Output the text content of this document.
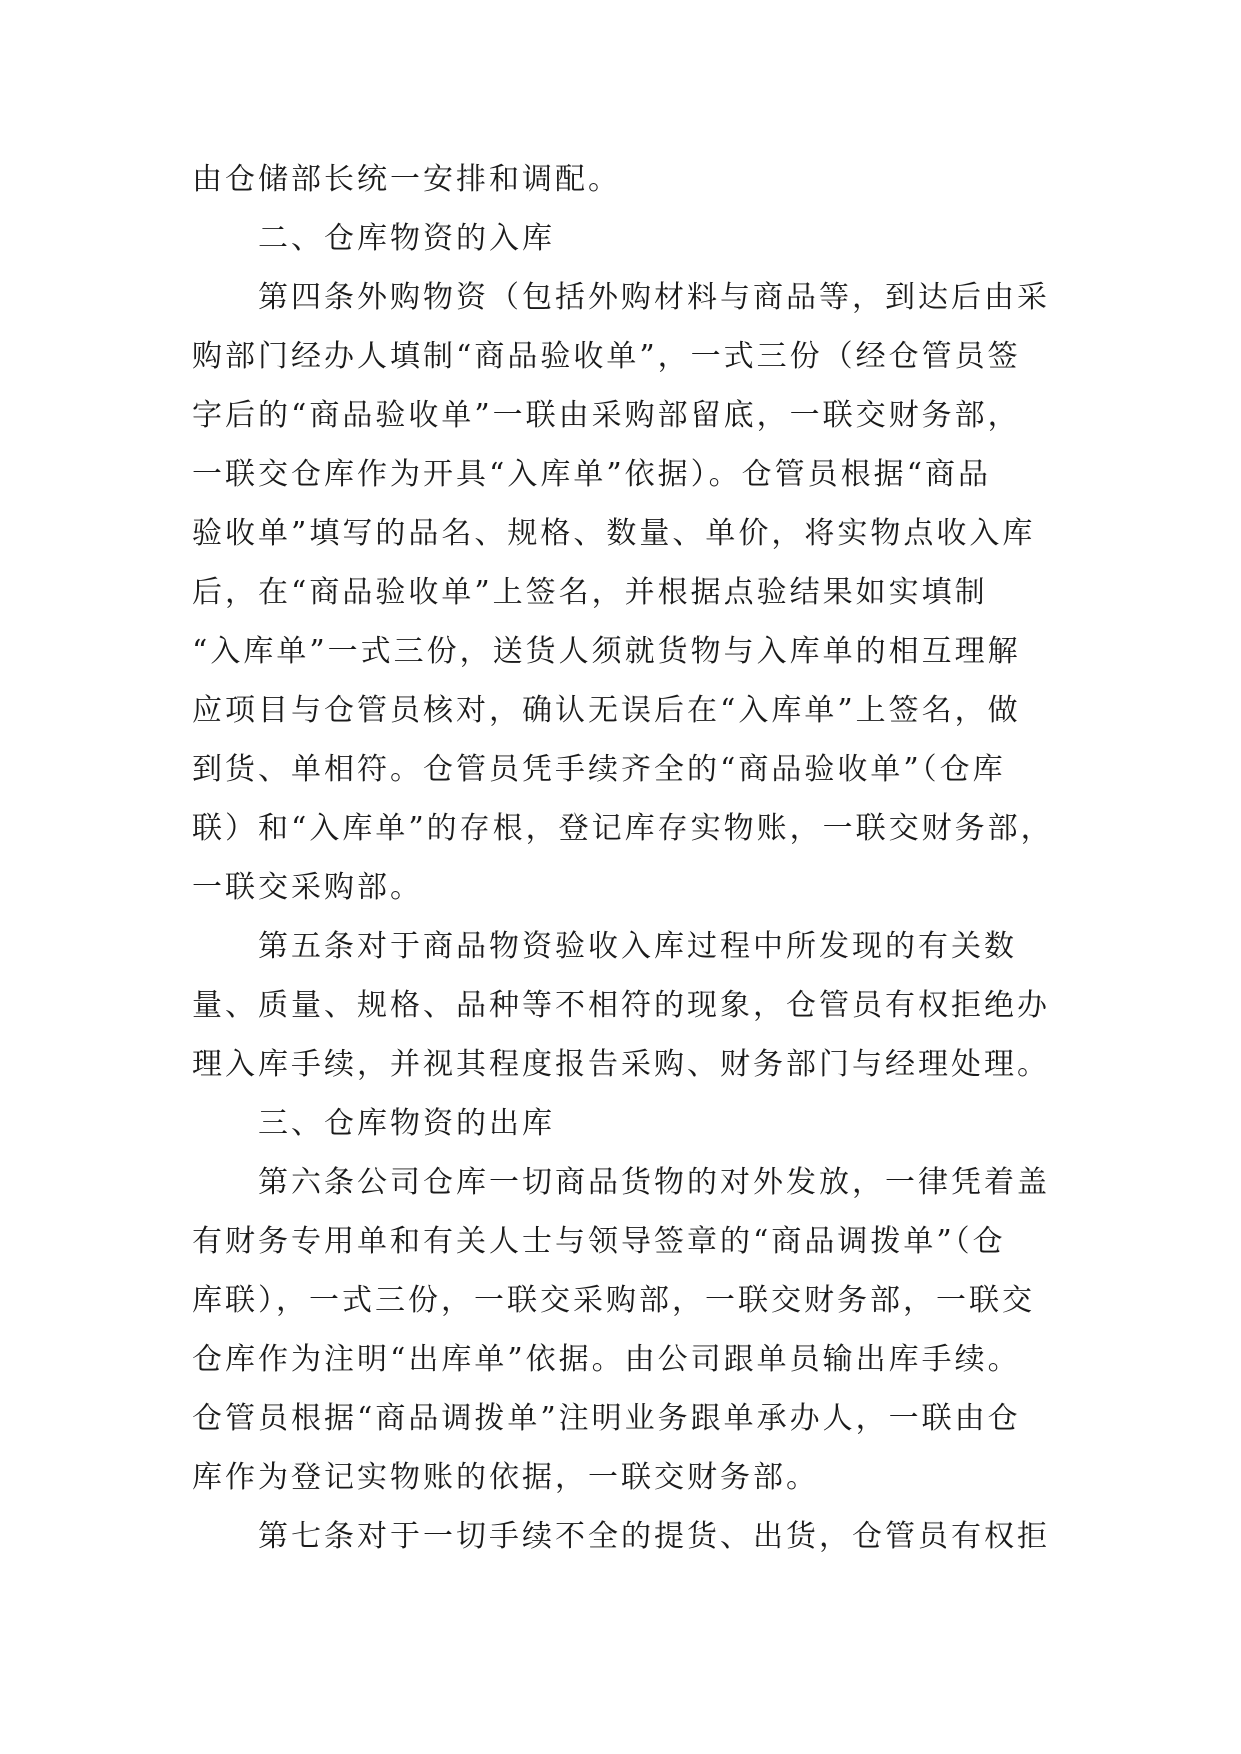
由仓储部长统一安排和调配。
二、仓库物资的入库
第四条外购物资（包括外购材料与商品等，到达后由采
购部门经办人填制“商品验收单”，一式三份（经仓管员签
字后的“商品验收单”一联由采购部留底，一联交财务部，
一联交仓库作为开具“入库单”依据）。仓管员根据“商品
验收单”填写的品名、规格、数量、单价，将实物点收入库
后，在“商品验收单”上签名，并根据点验结果如实填制
“入库单”一式三份，送货人须就货物与入库单的相互理解
应项目与仓管员核对，确认无误后在“入库单”上签名，做
到货、单相符。仓管员凭手续齐全的“商品验收单”（仓库
联）和“入库单”的存根，登记库存实物账，一联交财务部，
一联交采购部。
第五条对于商品物资验收入库过程中所发现的有关数
量、质量、规格、品种等不相符的现象，仓管员有权拒绝办
理入库手续，并视其程度报告采购、财务部门与经理处理。
三、仓库物资的出库
第六条公司仓库一切商品货物的对外发放，一律凭着盖
有财务专用单和有关人士与领导签章的“商品调拨单”（仓
库联），一式三份，一联交采购部，一联交财务部，一联交
仓库作为注明“出库单”依据。由公司跟单员输出库手续。
仓管员根据“商品调拨单”注明业务跟单承办人，一联由仓
库作为登记实物账的依据，一联交财务部。
第七条对于一切手续不全的提货、出货，仓管员有权拒
